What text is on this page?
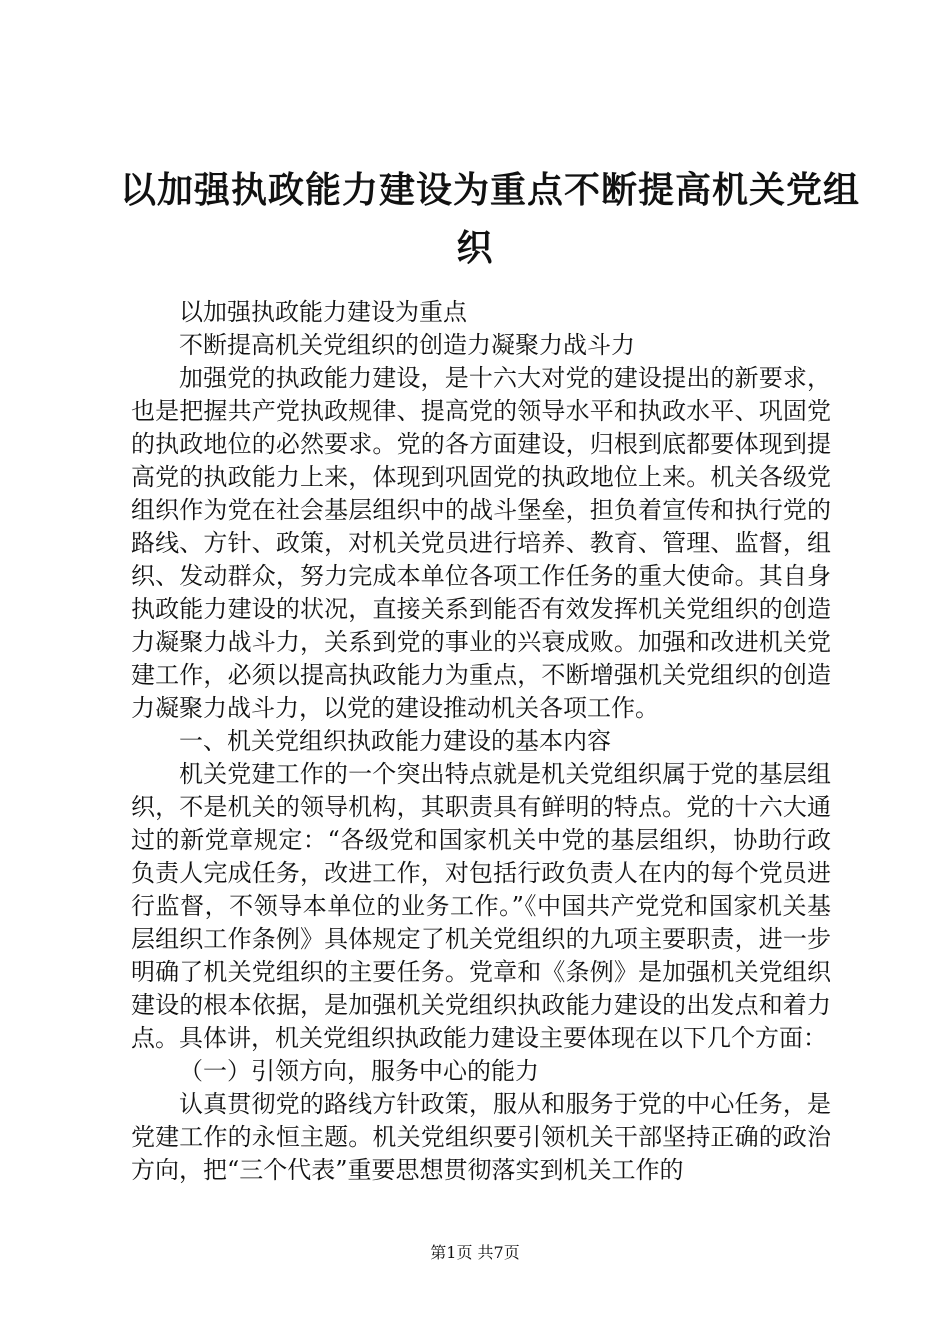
以加强执政能力建设为重点不断提高机关党组
织

以加强执政能力建设为重点

不断提高机关党组织的创造力凝聚力战斗力

加强党的执政能力建设，是十六大对党的建设提出的新要求，也是把握共产党执政规律、提高党的领导水平和执政水平、巩固党的执政地位的必然要求。党的各方面建设，归根到底都要体现到提高党的执政能力上来，体现到巩固党的执政地位上来。机关各级党组织作为党在社会基层组织中的战斗堡垒，担负着宣传和执行党的路线、方针、政策，对机关党员进行培养、教育、管理、监督，组织、发动群众，努力完成本单位各项工作任务的重大使命。其自身执政能力建设的状况，直接关系到能否有效发挥机关党组织的创造力凝聚力战斗力，关系到党的事业的兴衰成败。加强和改进机关党建工作，必须以提高执政能力为重点，不断增强机关党组织的创造力凝聚力战斗力，以党的建设推动机关各项工作。

一、机关党组织执政能力建设的基本内容

机关党建工作的一个突出特点就是机关党组织属于党的基层组织，不是机关的领导机构，其职责具有鲜明的特点。党的十六大通过的新党章规定：“各级党和国家机关中党的基层组织，协助行政负责人完成任务，改进工作，对包括行政负责人在内的每个党员进行监督，不领导本单位的业务工作。”《中国共产党党和国家机关基层组织工作条例》具体规定了机关党组织的九项主要职责，进一步明确了机关党组织的主要任务。党章和《条例》是加强机关党组织建设的根本依据，是加强机关党组织执政能力建设的出发点和着力点。具体讲，机关党组织执政能力建设主要体现在以下几个方面：

（一）引领方向，服务中心的能力

认真贯彻党的路线方针政策，服从和服务于党的中心任务，是党建工作的永恒主题。机关党组织要引领机关干部坚持正确的政治方向，把“三个代表”重要思想贯彻落实到机关工作的

第1页 共7页
